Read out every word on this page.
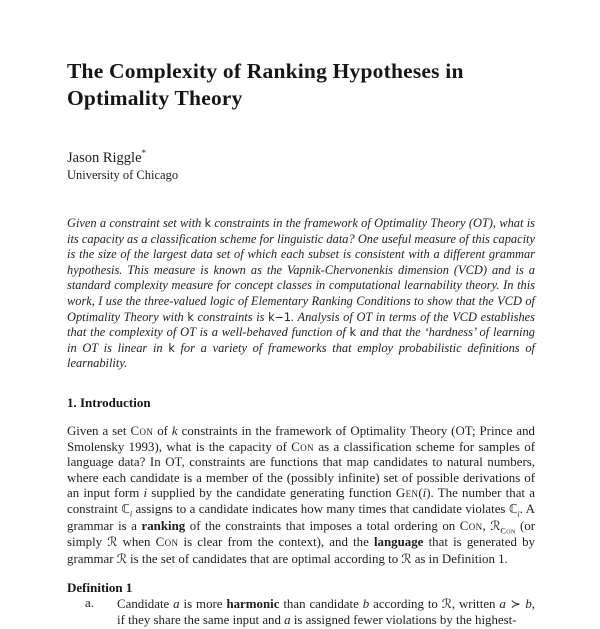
The Complexity of Ranking Hypotheses in
Optimality Theory
Jason Riggle*
University of Chicago

Given a constraint set with k constraints in the framework of Optimality Theory (OT), what is its capacity as a classification scheme for linguistic data? One useful measure of this capacity is the size of the largest data set of which each subset is consistent with a different grammar hypothesis. This measure is known as the Vapnik-Chervonenkis dimension (VCD) and is a standard complexity measure for concept classes in computational learnability theory. In this work, I use the three-valued logic of Elementary Ranking Conditions to show that the VCD of Optimality Theory with k constraints is k−1. Analysis of OT in terms of the VCD establishes that the complexity of OT is a well-behaved function of k and that the ‘hardness’ of learning in OT is linear in k for a variety of frameworks that employ probabilistic definitions of learnability.

1. Introduction

Given a set Con of k constraints in the framework of Optimality Theory (OT; Prince and Smolensky 1993), what is the capacity of Con as a classification scheme for samples of language data? In OT, constraints are functions that map candidates to natural numbers, where each candidate is a member of the (possibly infinite) set of possible derivations of an input form i supplied by the candidate generating function Gen(i). The number that a constraint ℂ$_i$ assigns to a candidate indicates how many times that candidate violates ℂ$_i$. A grammar is a ranking of the constraints that imposes a total ordering on Con, ℛ$_{Con}$ (or simply ℛ when Con is clear from the context), and the language that is generated by grammar ℛ is the set of candidates that are optimal according to ℛ as in Definition 1.

Definition 1
a.	Candidate a is more harmonic than candidate b according to ℛ, written a ≻ b, if they share the same input and a is assigned fewer violations by the highest-
